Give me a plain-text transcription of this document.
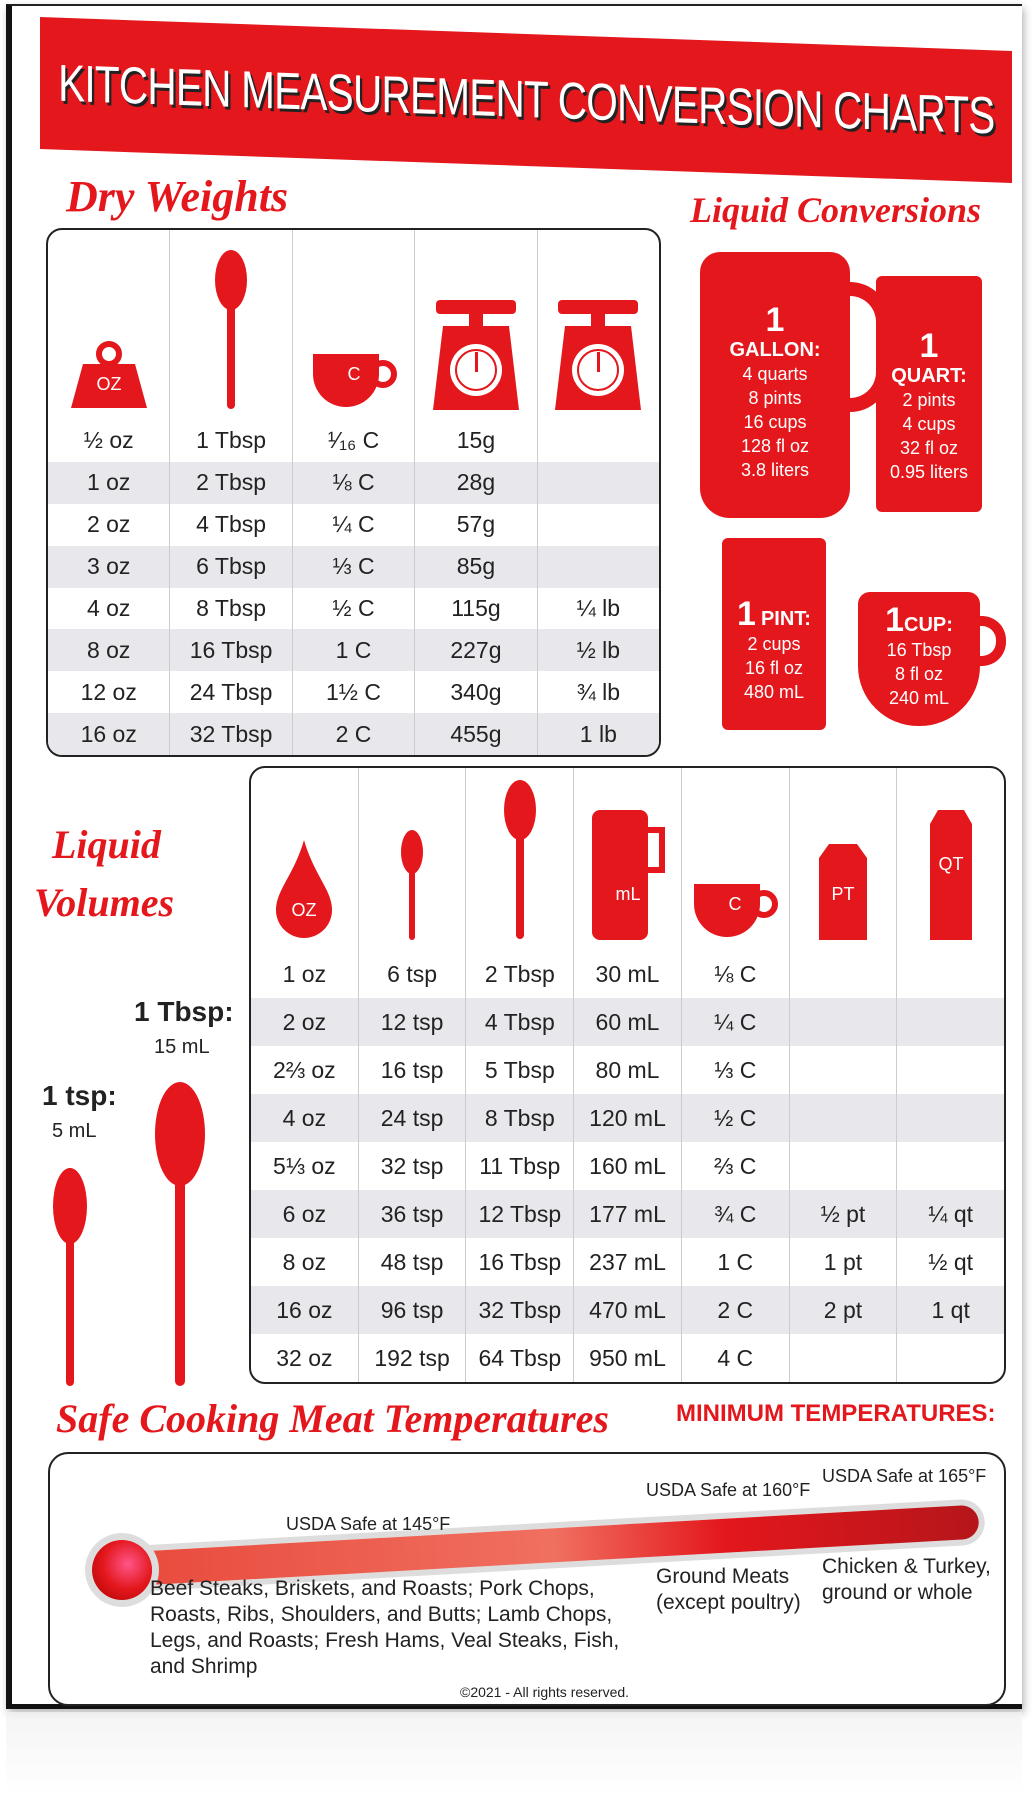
KITCHEN MEASUREMENT CONVERSION CHARTS
Dry Weights
OZ	C
½ oz	1 Tbsp	¹⁄₁₆ C	15g
1 oz	2 Tbsp	⅛ C	28g
2 oz	4 Tbsp	¼ C	57g
3 oz	6 Tbsp	⅓ C	85g
4 oz	8 Tbsp	½ C	115g	¼ lb
8 oz	16 Tbsp	1 C	227g	½ lb
12 oz	24 Tbsp	1½ C	340g	¾ lb
16 oz	32 Tbsp	2 C	455g	1 lb
Liquid Conversions
1
GALLON:
4 quarts
8 pints
16 cups
128 fl oz
3.8 liters
1
QUART:
2 pints
4 cups
32 fl oz
0.95 liters
1 PINT:
2 cups
16 fl oz
480 mL
1CUP:
16 Tbsp
8 fl oz
240 mL
Liquid
Volumes
1 Tbsp:
15 mL
1 tsp:
5 mL
OZ
mL	C	PT
QT
1 oz	6 tsp	2 Tbsp	30 mL	⅛ C
2 oz	12 tsp	4 Tbsp	60 mL	¼ C
2⅔ oz	16 tsp	5 Tbsp	80 mL	⅓ C
4 oz	24 tsp	8 Tbsp	120 mL	½ C
5⅓ oz	32 tsp	11 Tbsp	160 mL	⅔ C
6 oz	36 tsp	12 Tbsp	177 mL	¾ C	½ pt	¼ qt
8 oz	48 tsp	16 Tbsp	237 mL	1 C	1 pt	½ qt
16 oz	96 tsp	32 Tbsp	470 mL	2 C	2 pt	1 qt
32 oz	192 tsp	64 Tbsp	950 mL	4 C
Safe Cooking Meat Temperatures	MINIMUM TEMPERATURES:
USDA Safe at 145°F
USDA Safe at 160°F
USDA Safe at 165°F
Beef Steaks, Briskets, and Roasts; Pork Chops, Roasts, Ribs, Shoulders, and Butts; Lamb Chops, Legs, and Roasts; Fresh Hams, Veal Steaks, Fish, and Shrimp
Ground Meats (except poultry)
Chicken & Turkey, ground or whole
©2021 - All rights reserved.
